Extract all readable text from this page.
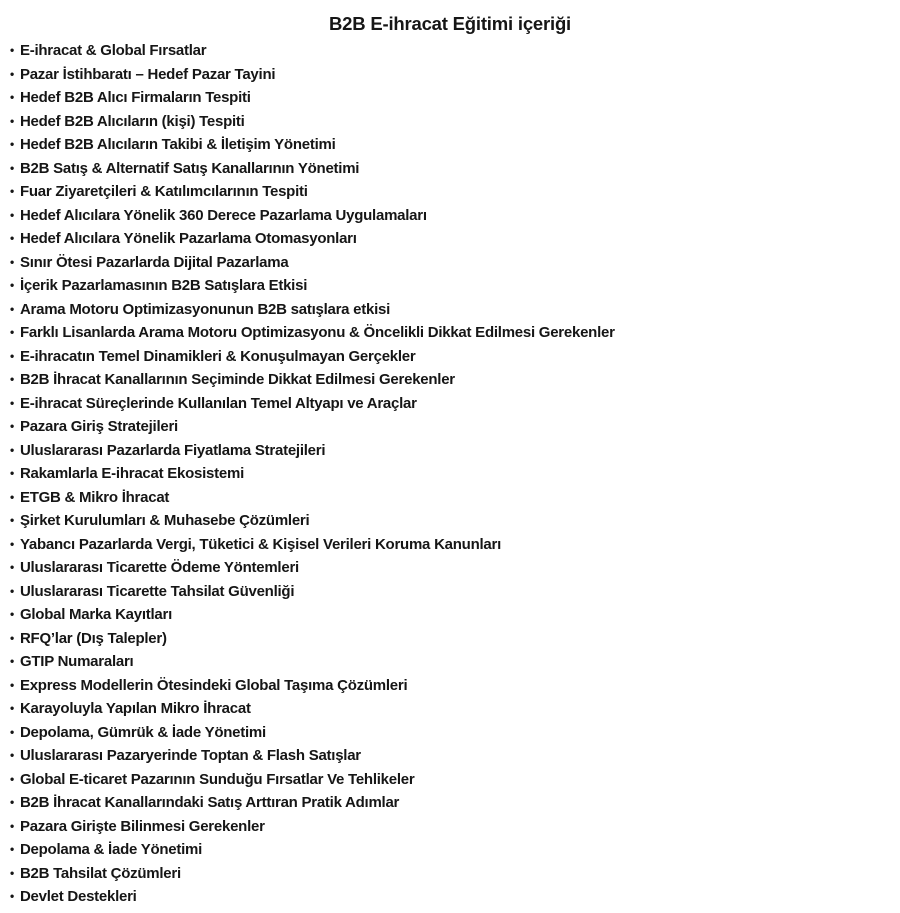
B2B E-ihracat Eğitimi içeriği
• E-ihracat & Global Fırsatlar
• Pazar İstihbaratı – Hedef Pazar Tayini
• Hedef B2B Alıcı Firmaların Tespiti
• Hedef B2B Alıcıların (kişi) Tespiti
• Hedef B2B Alıcıların Takibi & İletişim Yönetimi
• B2B Satış & Alternatif Satış Kanallarının Yönetimi
• Fuar Ziyaretçileri & Katılımcılarının Tespiti
• Hedef Alıcılara Yönelik 360 Derece Pazarlama Uygulamaları
• Hedef Alıcılara Yönelik Pazarlama Otomasyonları
• Sınır Ötesi Pazarlarda Dijital Pazarlama
• İçerik Pazarlamasının B2B Satışlara Etkisi
• Arama Motoru Optimizasyonunun B2B satışlara etkisi
• Farklı Lisanlarda Arama Motoru Optimizasyonu & Öncelikli Dikkat Edilmesi Gerekenler
• E-ihracatın Temel Dinamikleri & Konuşulmayan Gerçekler
• B2B İhracat Kanallarının Seçiminde Dikkat Edilmesi Gerekenler
• E-ihracat Süreçlerinde Kullanılan Temel Altyapı ve Araçlar
• Pazara Giriş Stratejileri
• Uluslararası Pazarlarda Fiyatlama Stratejileri
• Rakamlarla E-ihracat Ekosistemi
• ETGB & Mikro İhracat
• Şirket Kurulumları & Muhasebe Çözümleri
• Yabancı Pazarlarda Vergi, Tüketici & Kişisel Verileri Koruma Kanunları
• Uluslararası Ticarette Ödeme Yöntemleri
• Uluslararası Ticarette Tahsilat Güvenliği
• Global Marka Kayıtları
• RFQ’lar (Dış Talepler)
• GTIP Numaraları
• Express Modellerin Ötesindeki Global Taşıma Çözümleri
• Karayoluyla Yapılan Mikro İhracat
• Depolama, Gümrük & İade Yönetimi
• Uluslararası Pazaryerinde Toptan & Flash Satışlar
• Global E-ticaret Pazarının Sunduğu Fırsatlar Ve Tehlikeler
• B2B İhracat Kanallarındaki Satış Arttıran Pratik Adımlar
• Pazara Girişte Bilinmesi Gerekenler
• Depolama & İade Yönetimi
• B2B Tahsilat Çözümleri
• Devlet Destekleri
